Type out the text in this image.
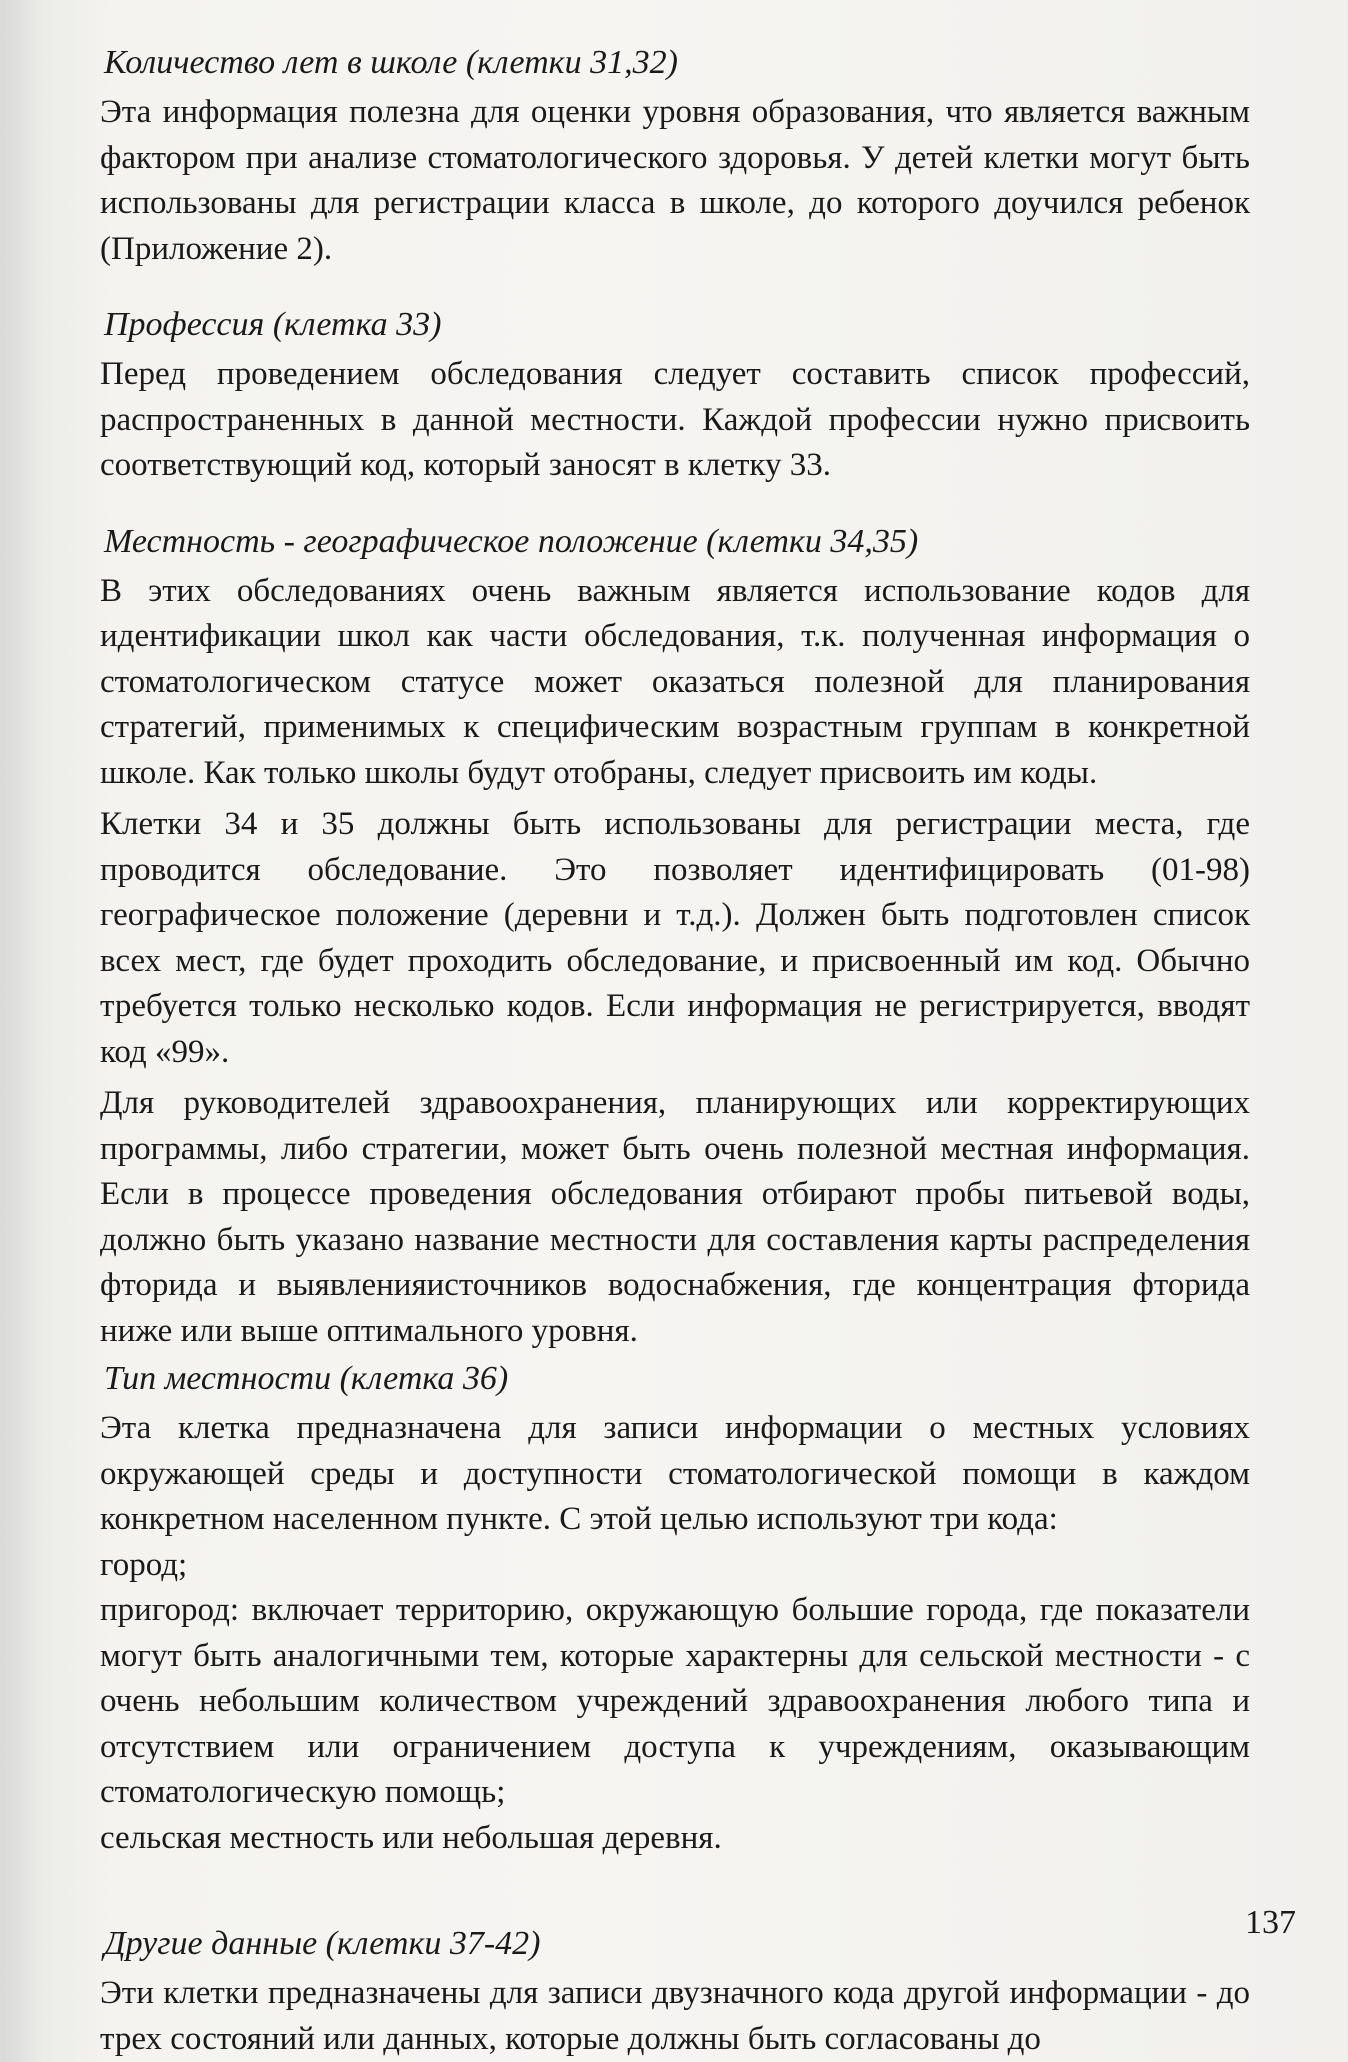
Количество лет в школе (клетки 31,32)

Эта информация полезна для оценки уровня образования, что является важным фактором при анализе стоматологического здоровья. У детей клетки могут быть использованы для регистрации класса в школе, до которого доучился ребенок (Приложение 2).

Профессия (клетка 33)

Перед проведением обследования следует составить список профессий, распространенных в данной местности. Каждой профессии нужно присвоить соответствующий код, который заносят в клетку 33.

Местность - географическое положение (клетки 34,35)

В этих обследованиях очень важным является использование кодов для идентификации школ как части обследования, т.к. полученная информация о стоматологическом статусе может оказаться полезной для планирования стратегий, применимых к специфическим возрастным группам в конкретной школе. Как только школы будут отобраны, следует присвоить им коды.

Клетки 34 и 35 должны быть использованы для регистрации места, где проводится обследование. Это позволяет идентифицировать (01-98) географическое положение (деревни и т.д.). Должен быть подготовлен список всех мест, где будет проходить обследование, и присвоенный им код. Обычно требуется только несколько кодов. Если информация не регистрируется, вводят код «99».

Для руководителей здравоохранения, планирующих или корректирующих программы, либо стратегии, может быть очень полезной местная информация. Если в процессе проведения обследования отбирают пробы питьевой воды, должно быть указано название местности для составления карты распределения фторида и выявленияисточников водоснабжения, где концентрация фторида ниже или выше оптимального уровня.

Тип местности (клетка 36)

Эта клетка предназначена для записи информации о местных условиях окружающей среды и доступности стоматологической помощи в каждом конкретном населенном пункте. С этой целью используют три кода:

город;

пригород: включает территорию, окружающую большие города, где показатели могут быть аналогичными тем, которые характерны для сельской местности - с очень небольшим количеством учреждений здравоохранения любого типа и отсутствием или ограничением доступа к учреждениям, оказывающим стоматологическую помощь;

сельская местность или небольшая деревня.

Другие данные (клетки 37-42)

Эти клетки предназначены для записи двузначного кода другой информации - до трех состояний или данных, которые должны быть согласованы до

137
